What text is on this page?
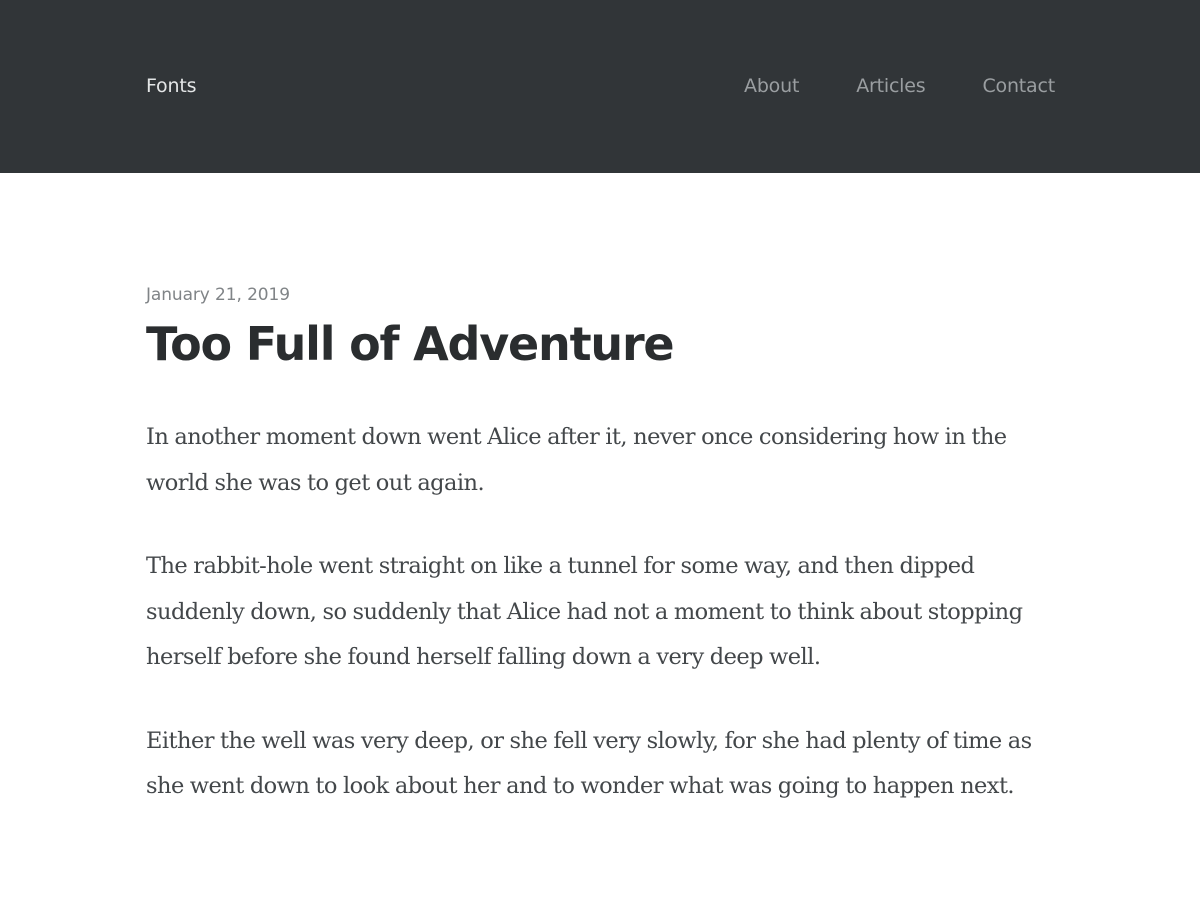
Fonts	About	Articles	Contact

January 21, 2019

Too Full of Adventure

In another moment down went Alice after it, never once considering how in the world she was to get out again.

The rabbit-hole went straight on like a tunnel for some way, and then dipped suddenly down, so suddenly that Alice had not a moment to think about stopping herself before she found herself falling down a very deep well.

Either the well was very deep, or she fell very slowly, for she had plenty of time as she went down to look about her and to wonder what was going to happen next.
